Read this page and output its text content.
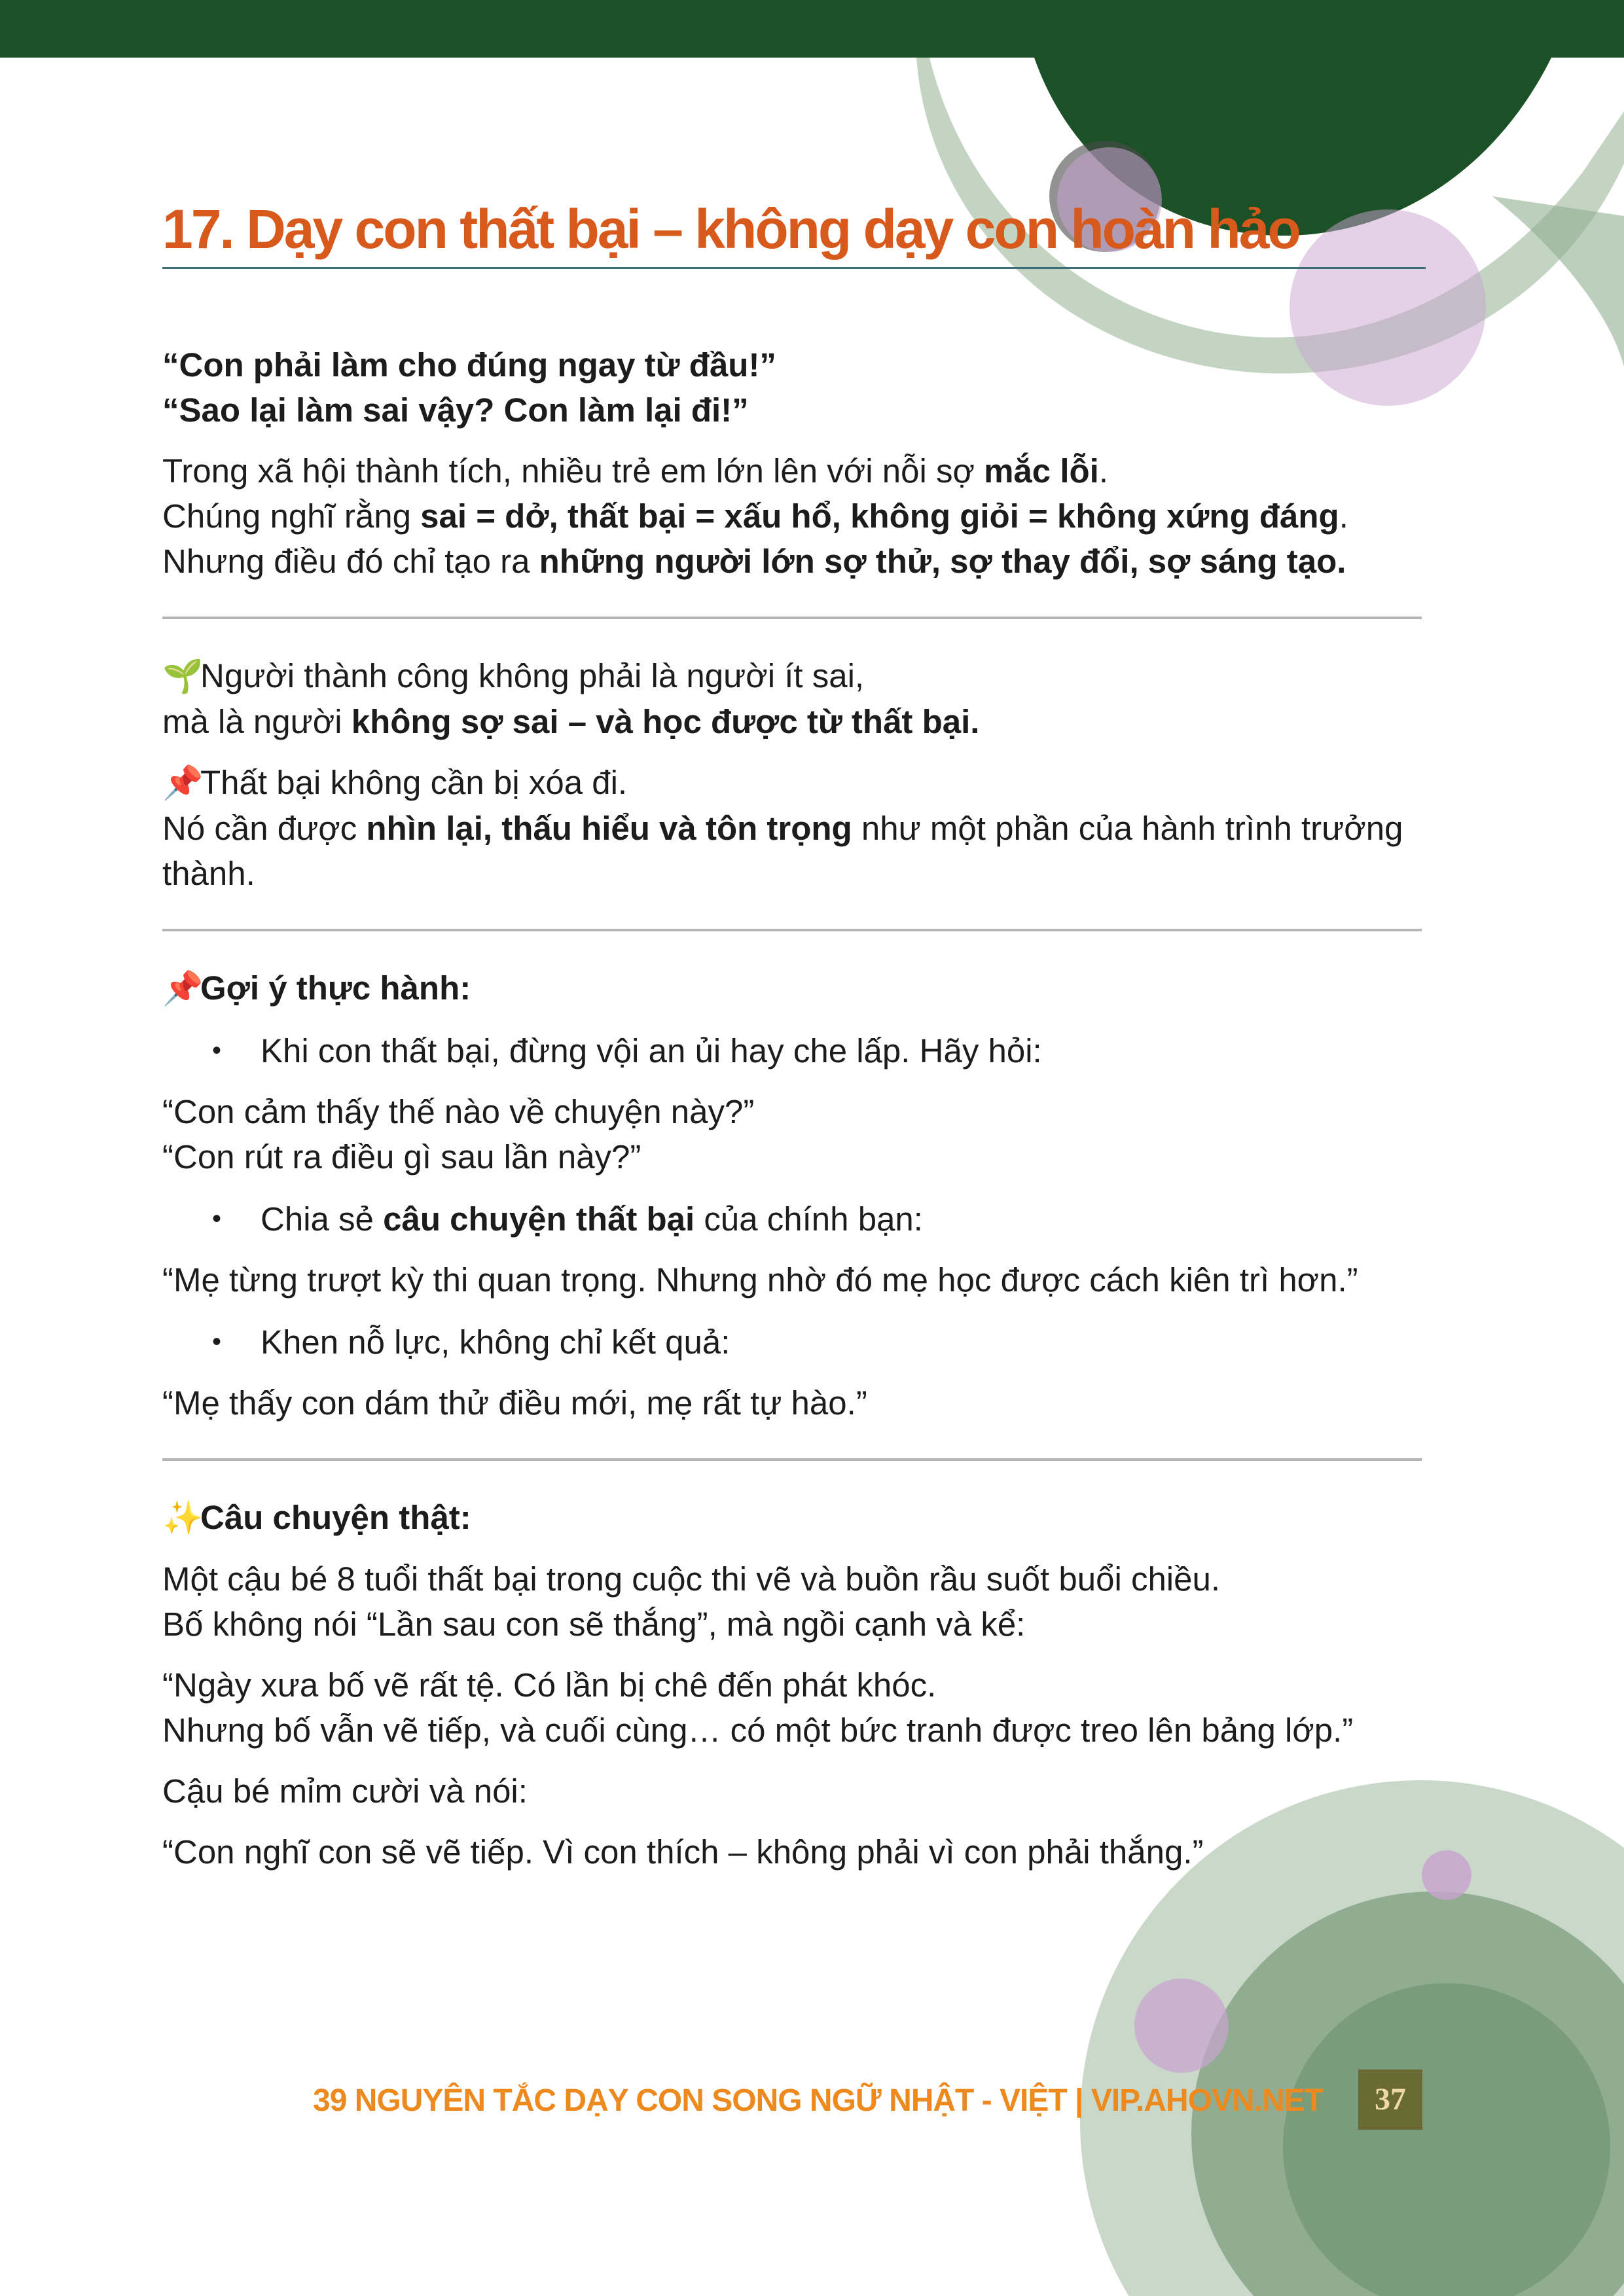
17. Dạy con thất bại – không dạy con hoàn hảo

“Con phải làm cho đúng ngay từ đầu!”

“Sao lại làm sai vậy? Con làm lại đi!”

Trong xã hội thành tích, nhiều trẻ em lớn lên với nỗi sợ mắc lỗi.

Chúng nghĩ rằng sai = dở, thất bại = xấu hổ, không giỏi = không xứng đáng.

Nhưng điều đó chỉ tạo ra những người lớn sợ thử, sợ thay đổi, sợ sáng tạo.

🌱Người thành công không phải là người ít sai,

mà là người không sợ sai – và học được từ thất bại.

📌Thất bại không cần bị xóa đi.

Nó cần được nhìn lại, thấu hiểu và tôn trọng như một phần của hành trình trưởng thành.

📌Gợi ý thực hành:

• Khi con thất bại, đừng vội an ủi hay che lấp. Hãy hỏi:

“Con cảm thấy thế nào về chuyện này?”

“Con rút ra điều gì sau lần này?”

• Chia sẻ câu chuyện thất bại của chính bạn:

“Mẹ từng trượt kỳ thi quan trọng. Nhưng nhờ đó mẹ học được cách kiên trì hơn.”

• Khen nỗ lực, không chỉ kết quả:

“Mẹ thấy con dám thử điều mới, mẹ rất tự hào.”

✨Câu chuyện thật:

Một cậu bé 8 tuổi thất bại trong cuộc thi vẽ và buồn rầu suốt buổi chiều.

Bố không nói “Lần sau con sẽ thắng”, mà ngồi cạnh và kể:

“Ngày xưa bố vẽ rất tệ. Có lần bị chê đến phát khóc.

Nhưng bố vẫn vẽ tiếp, và cuối cùng… có một bức tranh được treo lên bảng lớp.”

Cậu bé mỉm cười và nói:

“Con nghĩ con sẽ vẽ tiếp. Vì con thích – không phải vì con phải thắng.”

39 NGUYÊN TẮC DẠY CON SONG NGỮ NHẬT - VIỆT | VIP.AHOVN.NET	37
